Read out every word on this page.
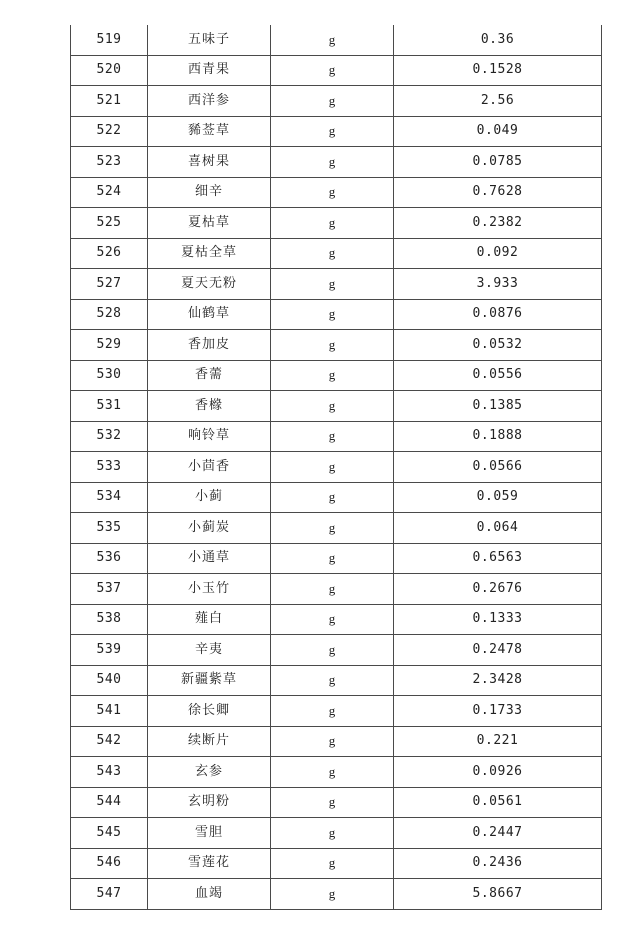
519	五味子	g	0.36
520	西青果	g	0.1528
521	西洋参	g	2.56
522	豨莶草	g	0.049
523	喜树果	g	0.0785
524	细辛	g	0.7628
525	夏枯草	g	0.2382
526	夏枯全草	g	0.092
527	夏天无粉	g	3.933
528	仙鹤草	g	0.0876
529	香加皮	g	0.0532
530	香薷	g	0.0556
531	香橼	g	0.1385
532	响铃草	g	0.1888
533	小茴香	g	0.0566
534	小蓟	g	0.059
535	小蓟炭	g	0.064
536	小通草	g	0.6563
537	小玉竹	g	0.2676
538	薤白	g	0.1333
539	辛夷	g	0.2478
540	新疆紫草	g	2.3428
541	徐长卿	g	0.1733
542	续断片	g	0.221
543	玄参	g	0.0926
544	玄明粉	g	0.0561
545	雪胆	g	0.2447
546	雪莲花	g	0.2436
547	血竭	g	5.8667
